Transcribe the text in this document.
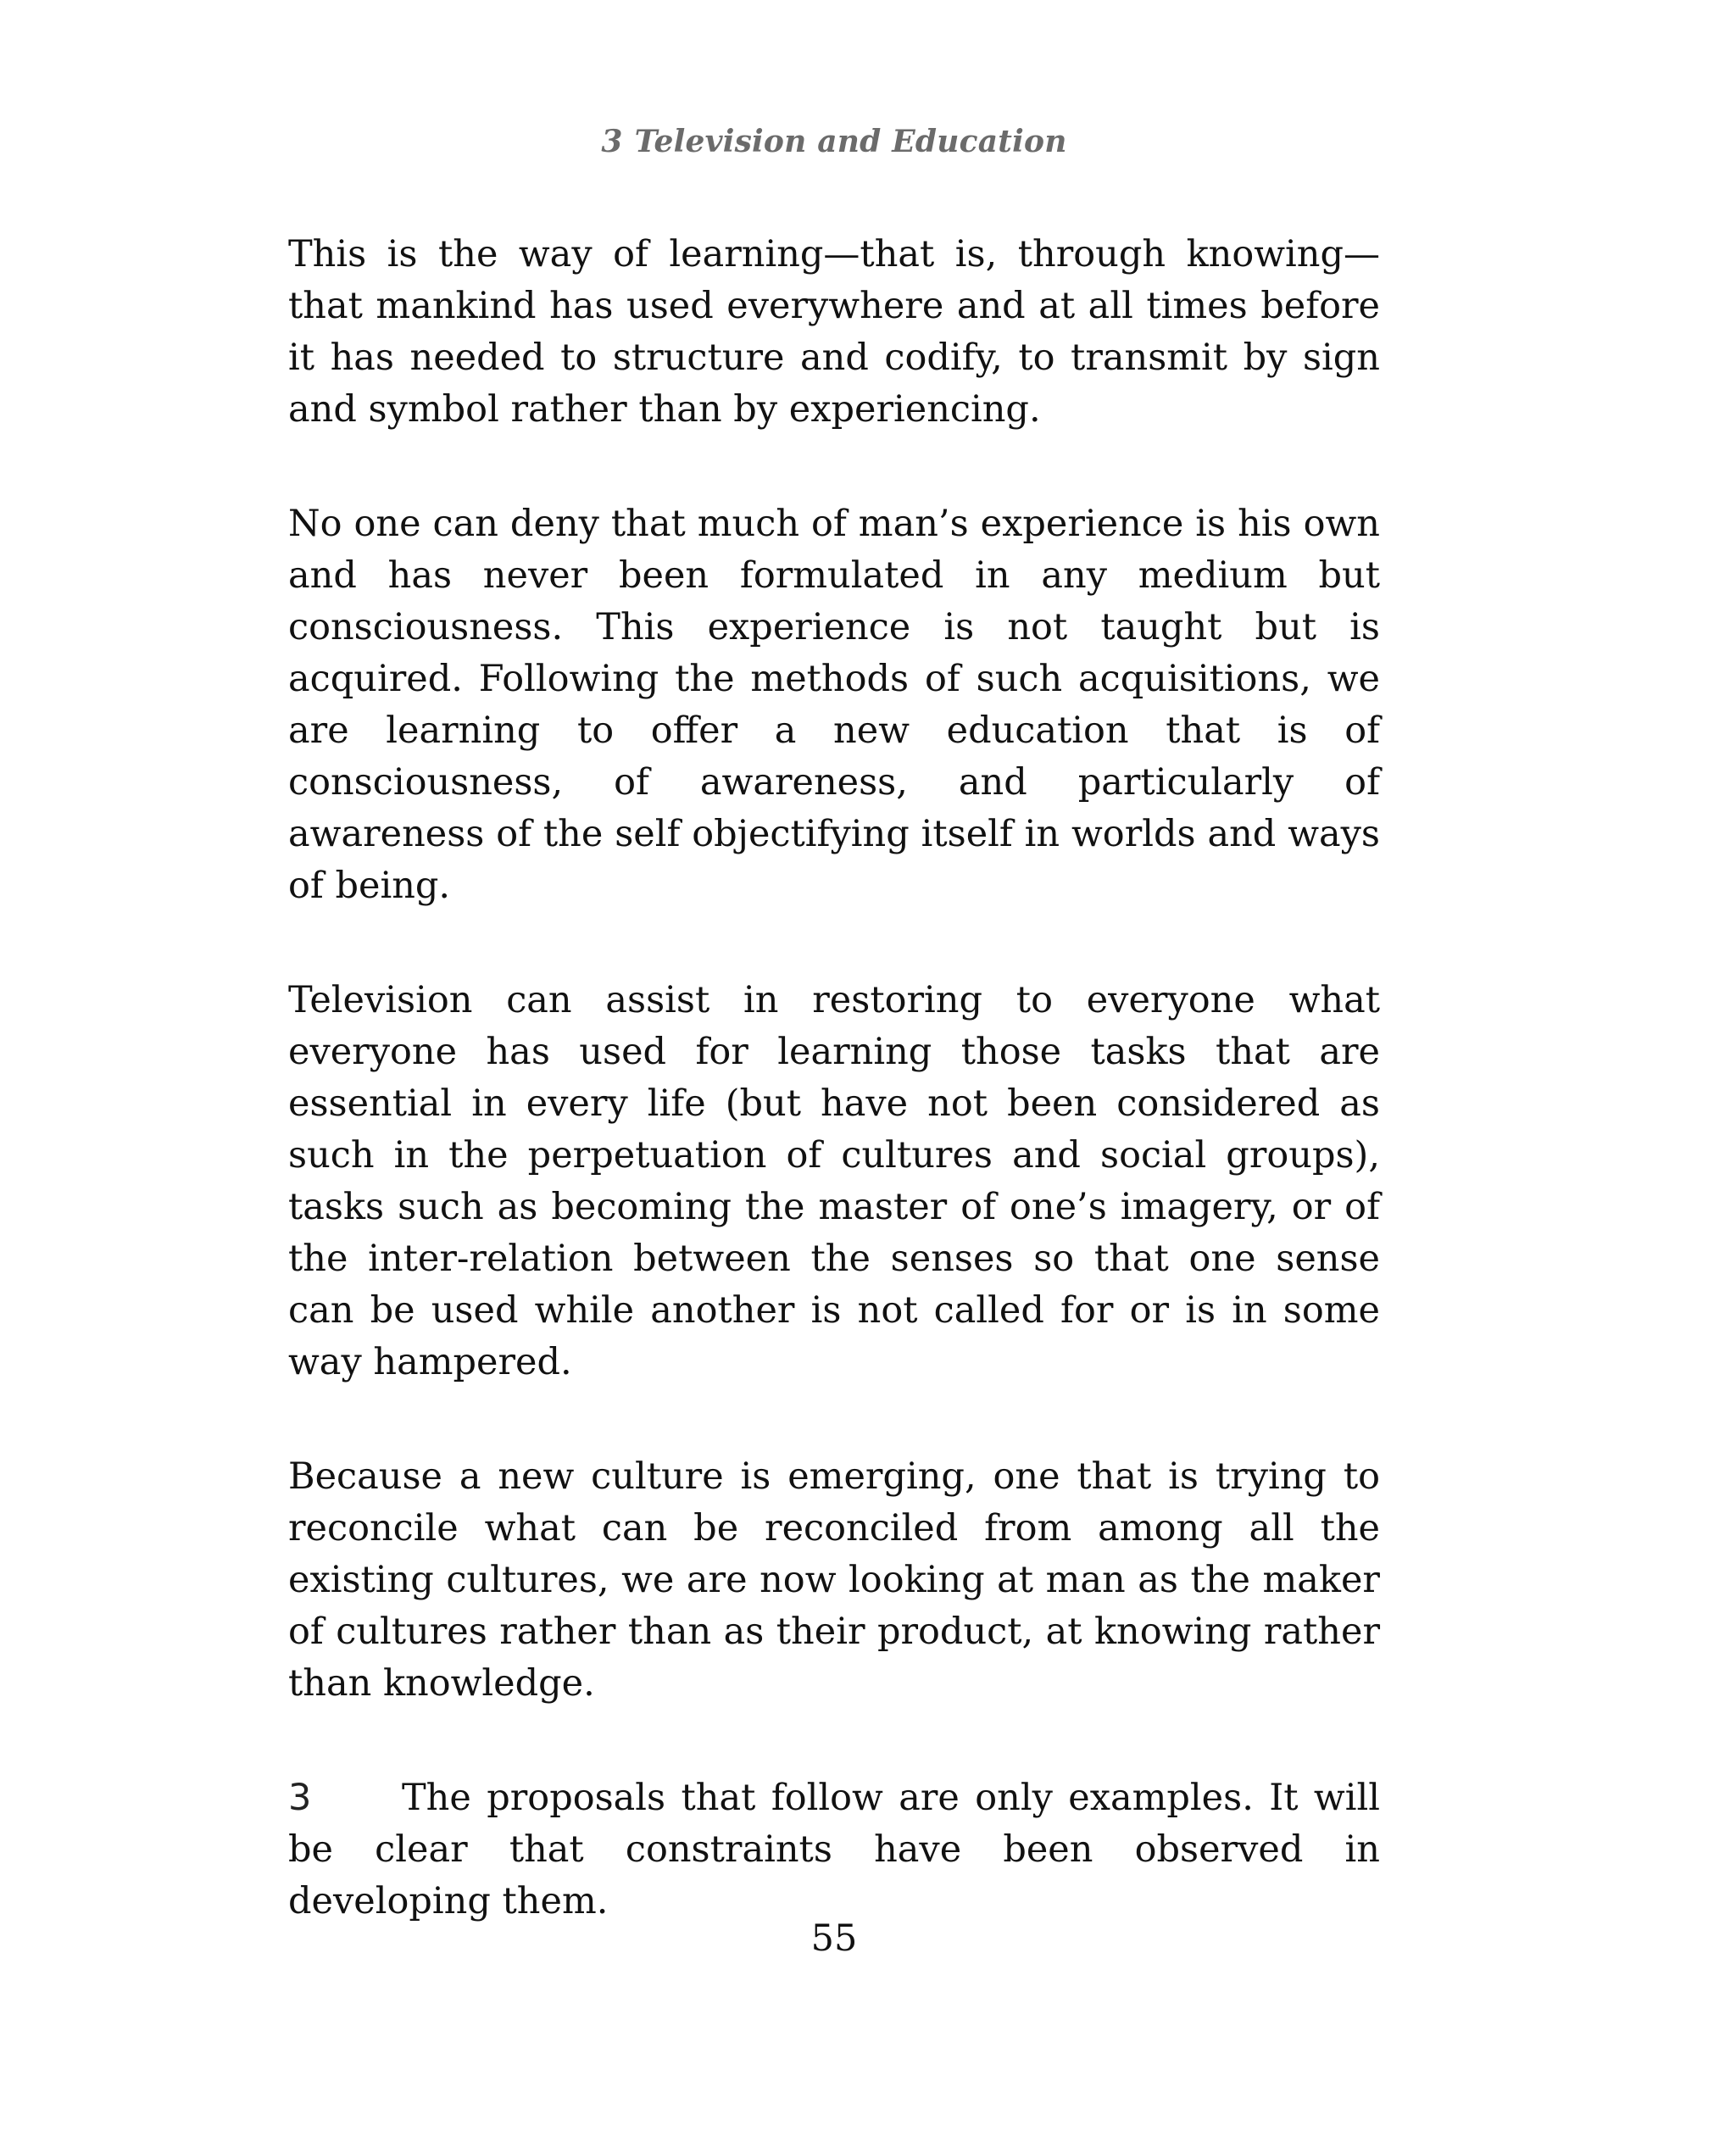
3 Television and Education

This is the way of learning—that is, through knowing—that mankind has used everywhere and at all times before it has needed to structure and codify, to transmit by sign and symbol rather than by experiencing.

No one can deny that much of man’s experience is his own and has never been formulated in any medium but consciousness. This experience is not taught but is acquired. Following the methods of such acquisitions, we are learning to offer a new education that is of consciousness, of awareness, and particularly of awareness of the self objectifying itself in worlds and ways of being.

Television can assist in restoring to everyone what everyone has used for learning those tasks that are essential in every life (but have not been considered as such in the perpetuation of cultures and social groups), tasks such as becoming the master of one’s imagery, or of the inter-relation between the senses so that one sense can be used while another is not called for or is in some way hampered.

Because a new culture is emerging, one that is trying to reconcile what can be reconciled from among all the existing cultures, we are now looking at man as the maker of cultures rather than as their product, at knowing rather than knowledge.

3 The proposals that follow are only examples. It will be clear that constraints have been observed in developing them.

55
